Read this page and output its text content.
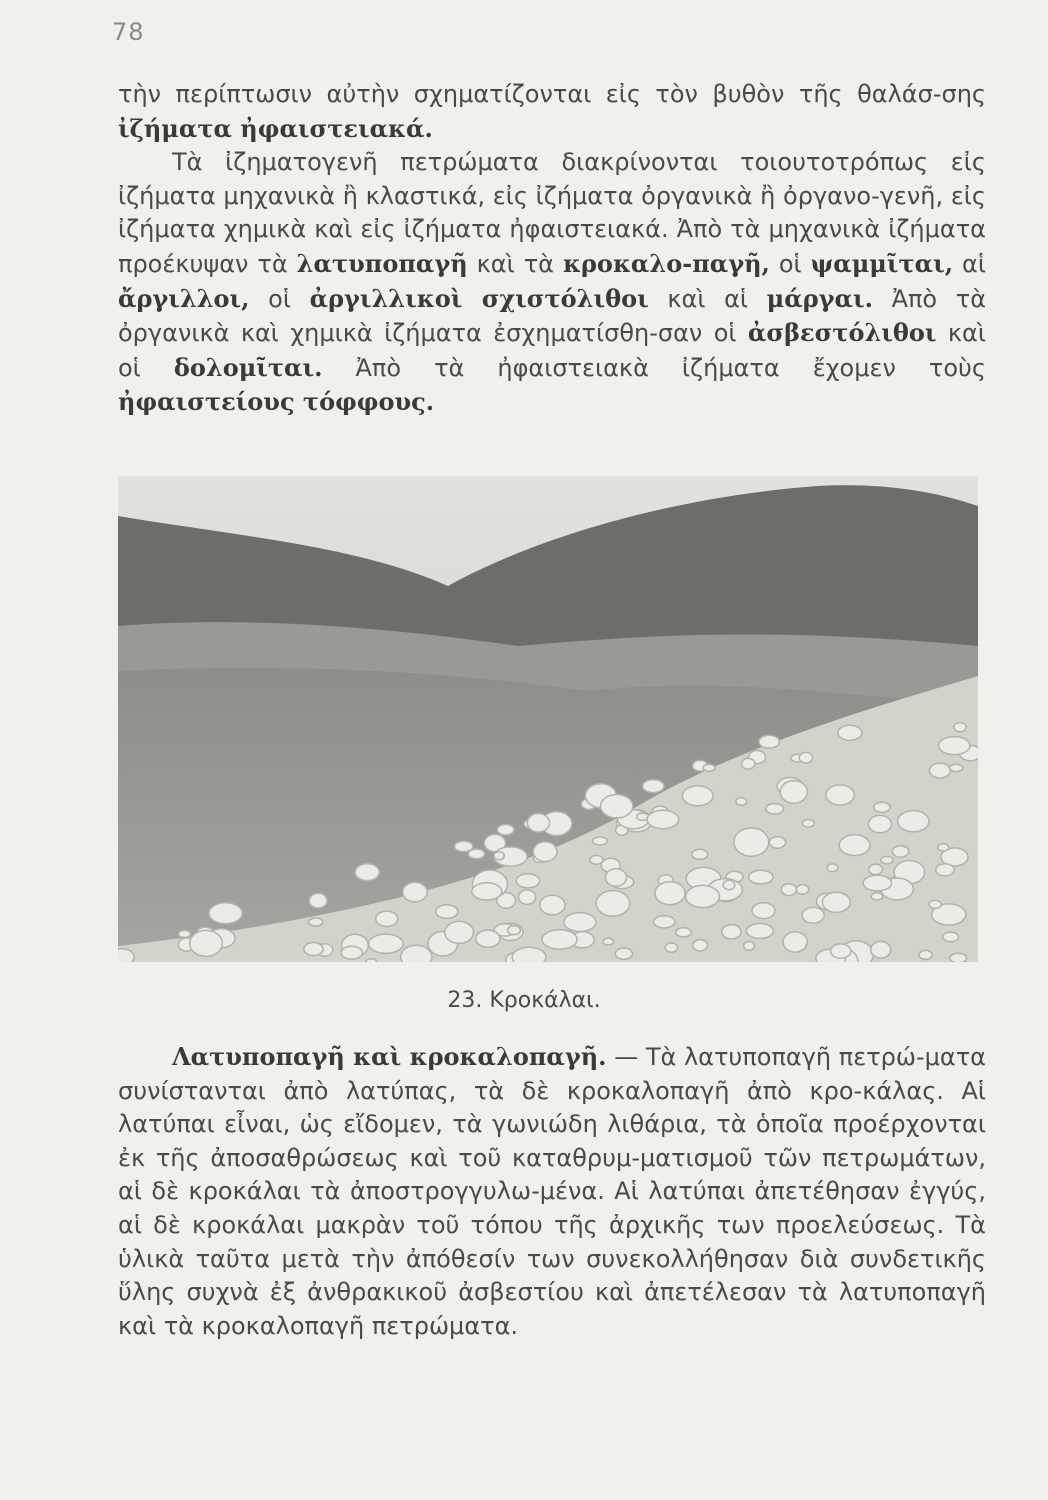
78

τὴν περίπτωσιν αὐτὴν σχηματίζονται εἰς τὸν βυθὸν τῆς θαλάσ-σης ἰζήματα ἠφαιστειακά.

Τὰ ἰζηματογενῆ πετρώματα διακρίνονται τοιουτοτρόπως εἰς ἰζήματα μηχανικὰ ἢ κλαστικά, εἰς ἰζήματα ὀργανικὰ ἢ ὀργανο-γενῆ, εἰς ἰζήματα χημικὰ καὶ εἰς ἰζήματα ἠφαιστειακά. Ἀπὸ τὰ μηχανικὰ ἰζήματα προέκυψαν τὰ λατυποπαγῆ καὶ τὰ κροκαλο-παγῆ, οἱ ψαμμῖται, αἱ ἄργιλλοι, οἱ ἀργιλλικοὶ σχιστόλιθοι καὶ αἱ μάργαι. Ἀπὸ τὰ ὀργανικὰ καὶ χημικὰ ἰζήματα ἐσχηματίσθη-σαν οἱ ἀσβεστόλιθοι καὶ οἱ δολομῖται. Ἀπὸ τὰ ἠφαιστειακὰ ἰζήματα ἔχομεν τοὺς ἠφαιστείους τόφφους.

23. Κροκάλαι.

Λατυποπαγῆ καὶ κροκαλοπαγῆ. — Τὰ λατυποπαγῆ πετρώ-ματα συνίστανται ἀπὸ λατύπας, τὰ δὲ κροκαλοπαγῆ ἀπὸ κρο-κάλας. Αἱ λατύπαι εἶναι, ὡς εἴδομεν, τὰ γωνιώδη λιθάρια, τὰ ὁποῖα προέρχονται ἐκ τῆς ἀποσαθρώσεως καὶ τοῦ καταθρυμ-ματισμοῦ τῶν πετρωμάτων, αἱ δὲ κροκάλαι τὰ ἀποστρογγυλω-μένα. Αἱ λατύπαι ἀπετέθησαν ἐγγύς, αἱ δὲ κροκάλαι μακρὰν τοῦ τόπου τῆς ἀρχικῆς των προελεύσεως. Τὰ ὑλικὰ ταῦτα μετὰ τὴν ἀπόθεσίν των συνεκολλήθησαν διὰ συνδετικῆς ὕλης συχνὰ ἐξ ἀνθρακικοῦ ἀσβεστίου καὶ ἀπετέλεσαν τὰ λατυποπαγῆ καὶ τὰ κροκαλοπαγῆ πετρώματα.
